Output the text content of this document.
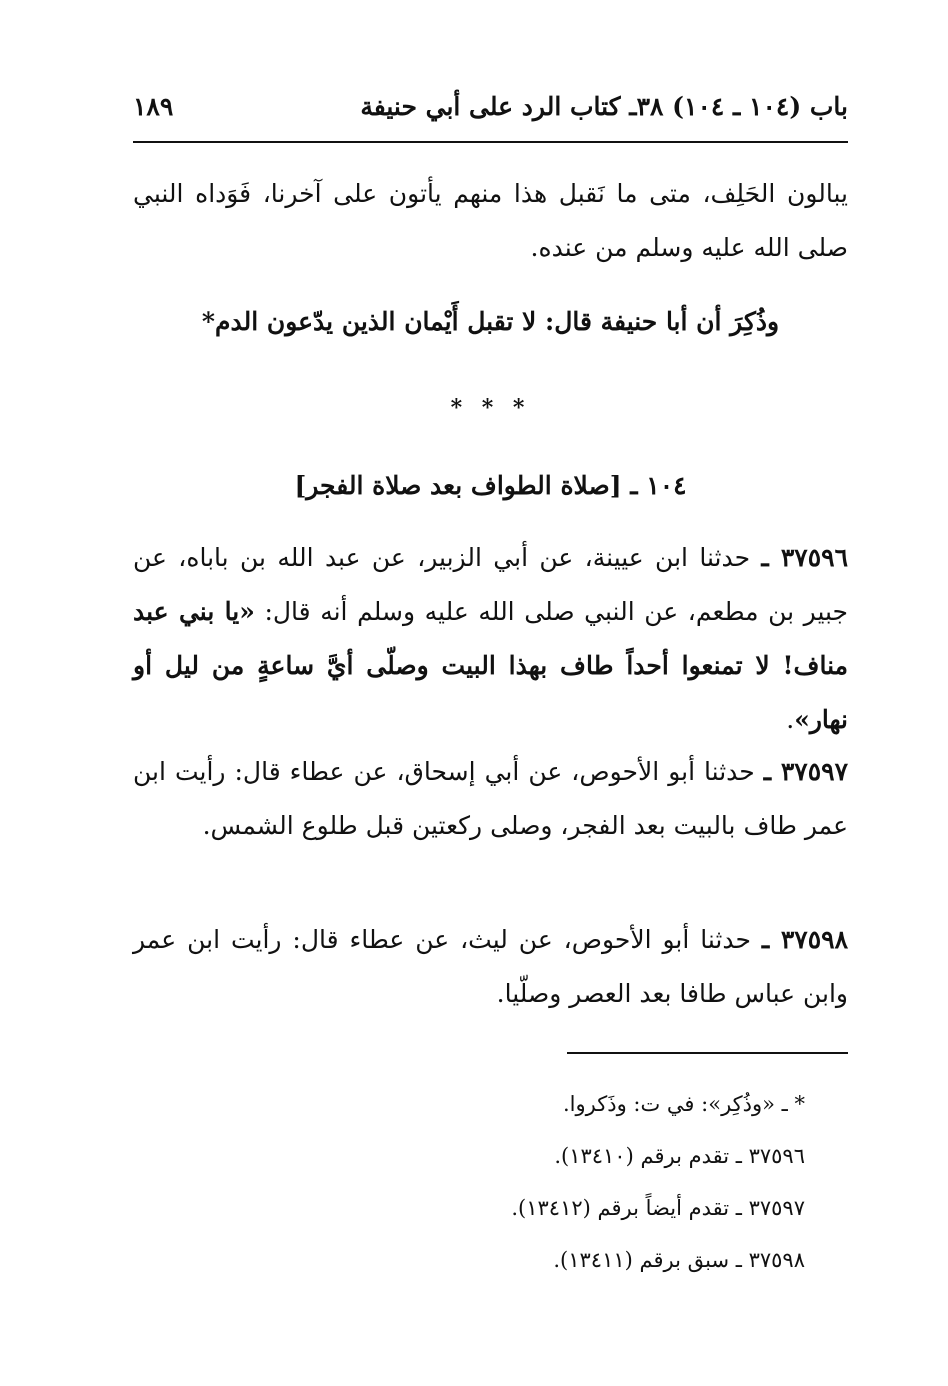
باب (١٠٤ ـ ١٠٤) ٣٨ـ كتاب الرد على أبي حنيفة
١٨٩
يبالون الحَلِف، متى ما نَقبل هذا منهم يأتون على آخرنا، فَوَداه النبي صلى الله عليه وسلم من عنده.
وذُكِرَ أن أبا حنيفة قال: لا تقبل أَيْمان الذين يدّعون الدم*
* * *
١٠٤ ـ [صلاة الطواف بعد صلاة الفجر]
٣٧٥٩٦ ـ حدثنا ابن عيينة، عن أبي الزبير، عن عبد الله بن باباه، عن جبير بن مطعم، عن النبي صلى الله عليه وسلم أنه قال: «يا بني عبد مناف! لا تمنعوا أحداً طاف بهذا البيت وصلّى أيَّ ساعةٍ من ليل أو نهار».
٣٧٥٩٧ ـ حدثنا أبو الأحوص، عن أبي إسحاق، عن عطاء قال: رأيت ابن عمر طاف بالبيت بعد الفجر، وصلى ركعتين قبل طلوع الشمس.
٣٧٥٩٨ ـ حدثنا أبو الأحوص، عن ليث، عن عطاء قال: رأيت ابن عمر وابن عباس طافا بعد العصر وصلّيا.
* ـ «وذُكِر»: في ت: وذَكروا.
٣٧٥٩٦ ـ تقدم برقم (١٣٤١٠).
٣٧٥٩٧ ـ تقدم أيضاً برقم (١٣٤١٢).
٣٧٥٩٨ ـ سبق برقم (١٣٤١١).
